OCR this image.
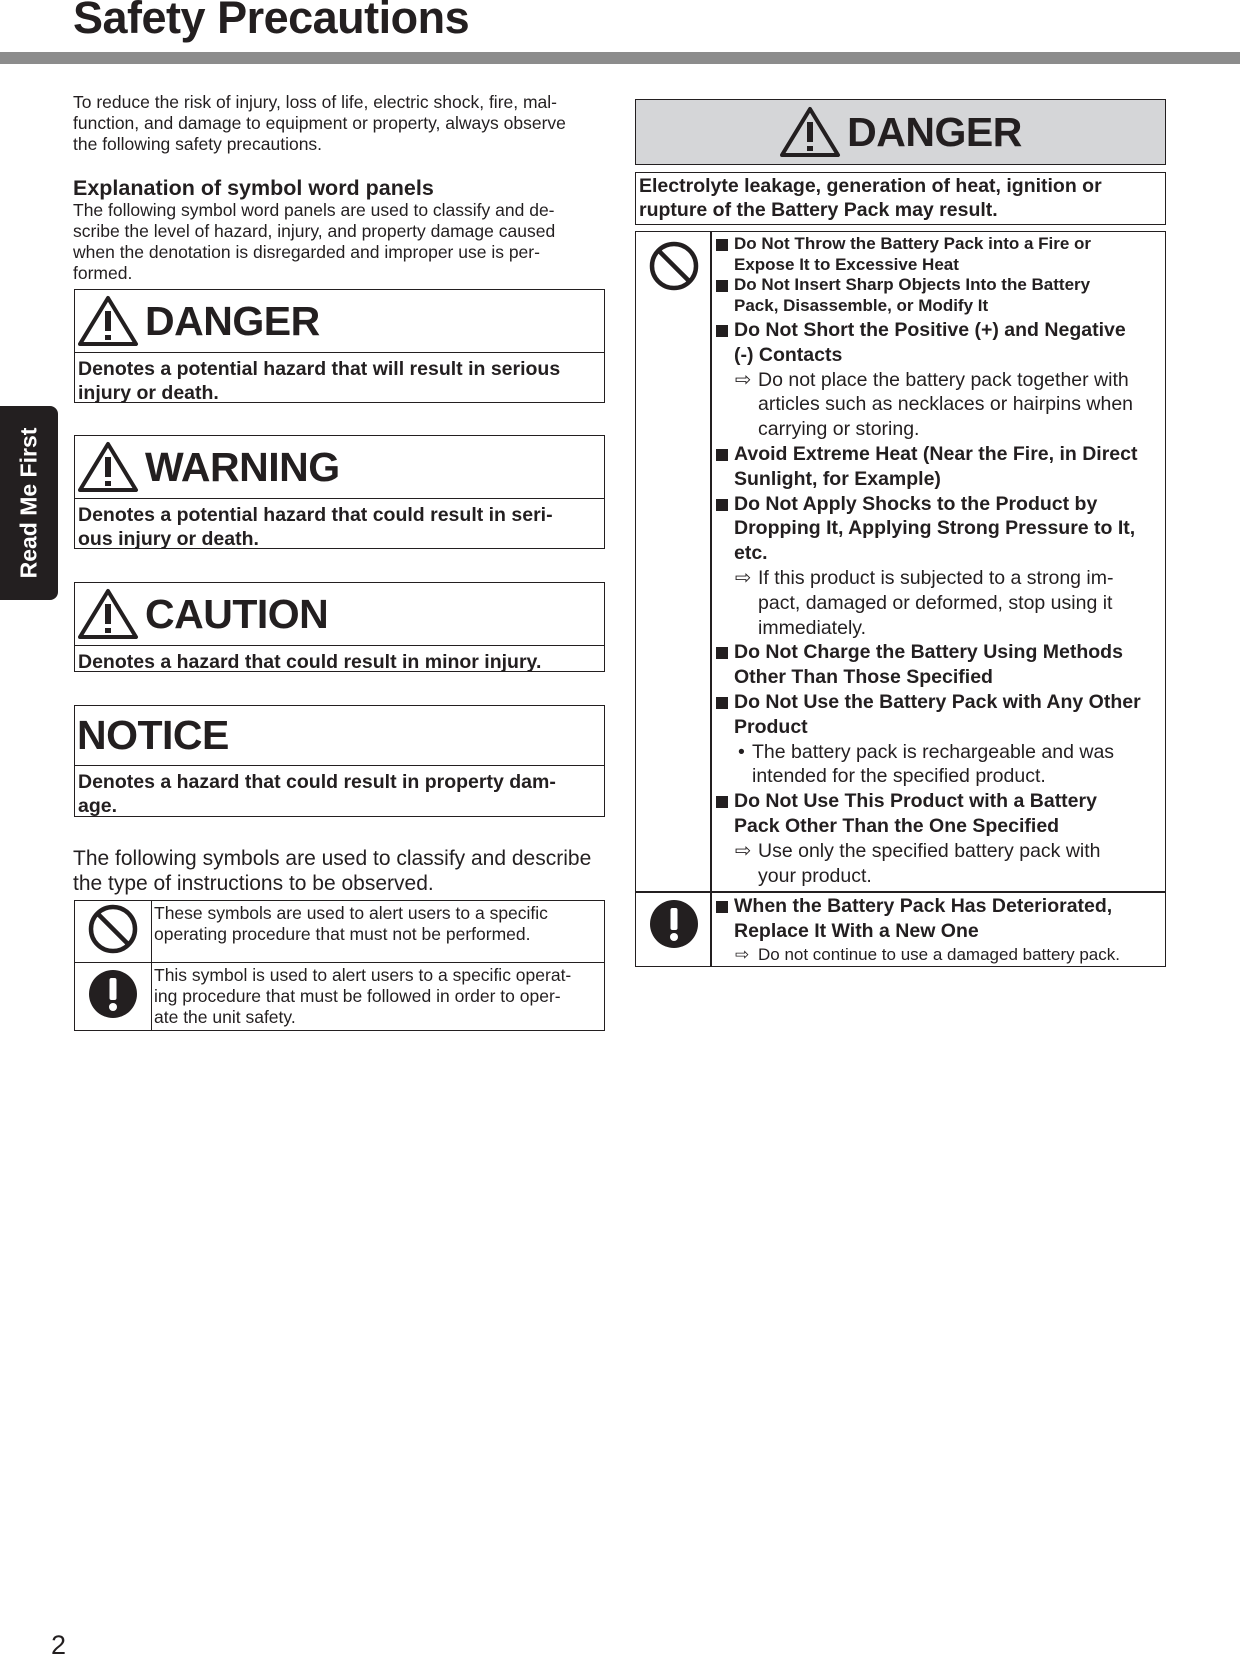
Safety Precautions
Read Me First
2
To reduce the risk of injury, loss of life, electric shock, fire, mal-
function, and damage to equipment or property, always observe
the following safety precautions.
Explanation of symbol word panels
The following symbol word panels are used to classify and de-
scribe the level of hazard, injury, and property damage caused
when the denotation is disregarded and improper use is per-
formed.
DANGER
Denotes a potential hazard that will result in serious
injury or death.
WARNING
Denotes a potential hazard that could result in seri-
ous injury or death.
CAUTION
Denotes a hazard that could result in minor injury.
NOTICE
Denotes a hazard that could result in property dam-
age.
The following symbols are used to classify and describe
the type of instructions to be observed.

These symbols are used to alert users to a specific
operating procedure that must not be performed.

This symbol is used to alert users to a specific operat-
ing procedure that must be followed in order to oper-
ate the unit safety.
DANGER
Electrolyte leakage, generation of heat, ignition or
rupture of the Battery Pack may result.
Do Not Throw the Battery Pack into a Fire or
Expose It to Excessive Heat
Do Not Insert Sharp Objects Into the Battery
Pack, Disassemble, or Modify It
Do Not Short the Positive (+) and Negative
(-) Contacts
⇨ Do not place the battery pack together with
articles such as necklaces or hairpins when
carrying or storing.
Avoid Extreme Heat (Near the Fire, in Direct
Sunlight, for Example)
Do Not Apply Shocks to the Product by
Dropping It, Applying Strong Pressure to It,
etc.
⇨ If this product is subjected to a strong im-
pact, damaged or deformed, stop using it
immediately.
Do Not Charge the Battery Using Methods
Other Than Those Specified
Do Not Use the Battery Pack with Any Other
Product
• The battery pack is rechargeable and was
intended for the specified product.
Do Not Use This Product with a Battery
Pack Other Than the One Specified
⇨ Use only the specified battery pack with
your product.
When the Battery Pack Has Deteriorated,
Replace It With a New One
⇨ Do not continue to use a damaged battery pack.
